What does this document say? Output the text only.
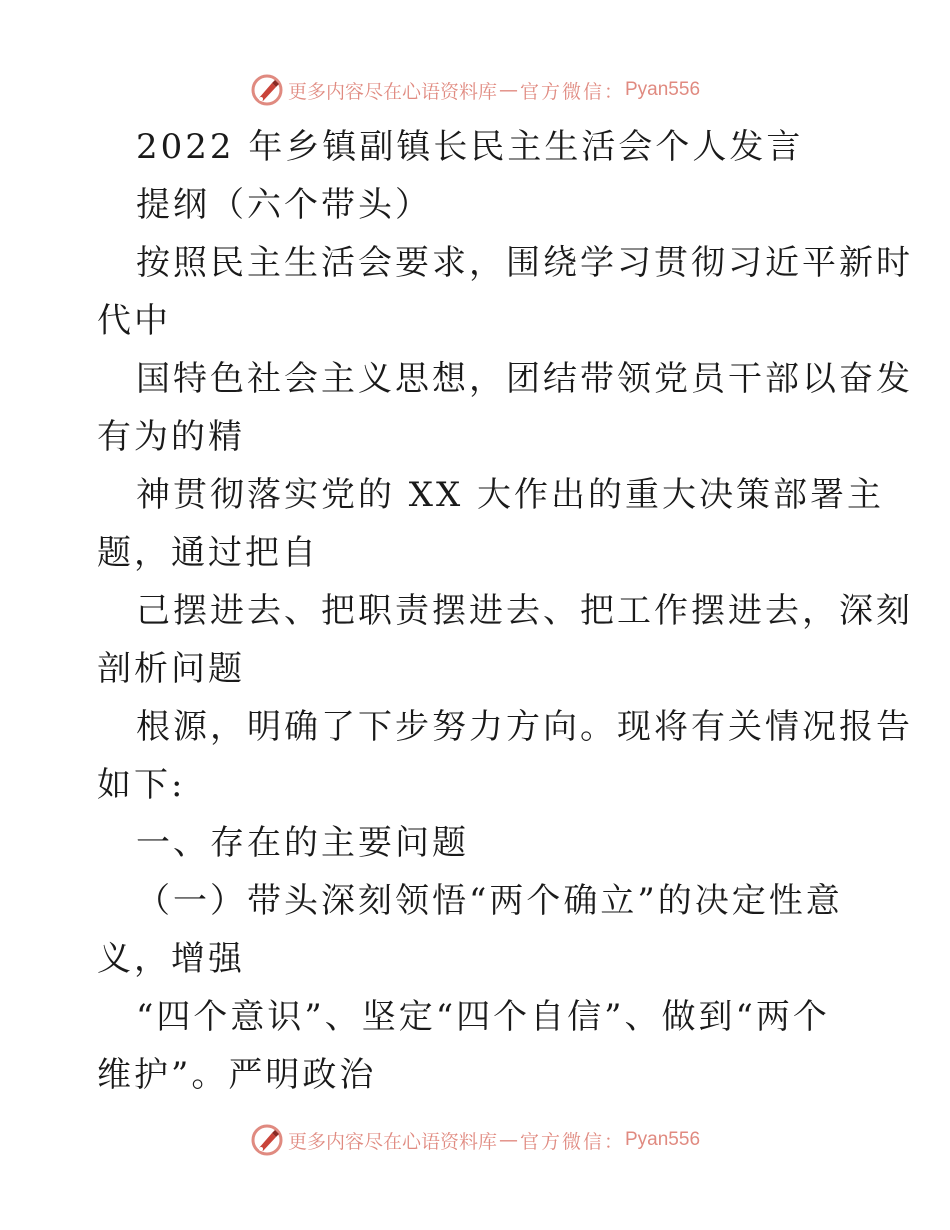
更多内容尽在心语资料库 — 官方微信： Pyan556
2022 年乡镇副镇长民主生活会个人发言
提纲（六个带头）
按照民主生活会要求，围绕学习贯彻习近平新时
代中
国特色社会主义思想，团结带领党员干部以奋发
有为的精
神贯彻落实党的 XX 大作出的重大决策部署主
题，通过把自
己摆进去、把职责摆进去、把工作摆进去，深刻
剖析问题
根源，明确了下步努力方向。现将有关情况报告
如下:
一、存在的主要问题
（一）带头深刻领悟“两个确立”的决定性意
义，增强
“四个意识”、坚定“四个自信”、做到“两个
维护”。严明政治
更多内容尽在心语资料库 — 官方微信： Pyan556
